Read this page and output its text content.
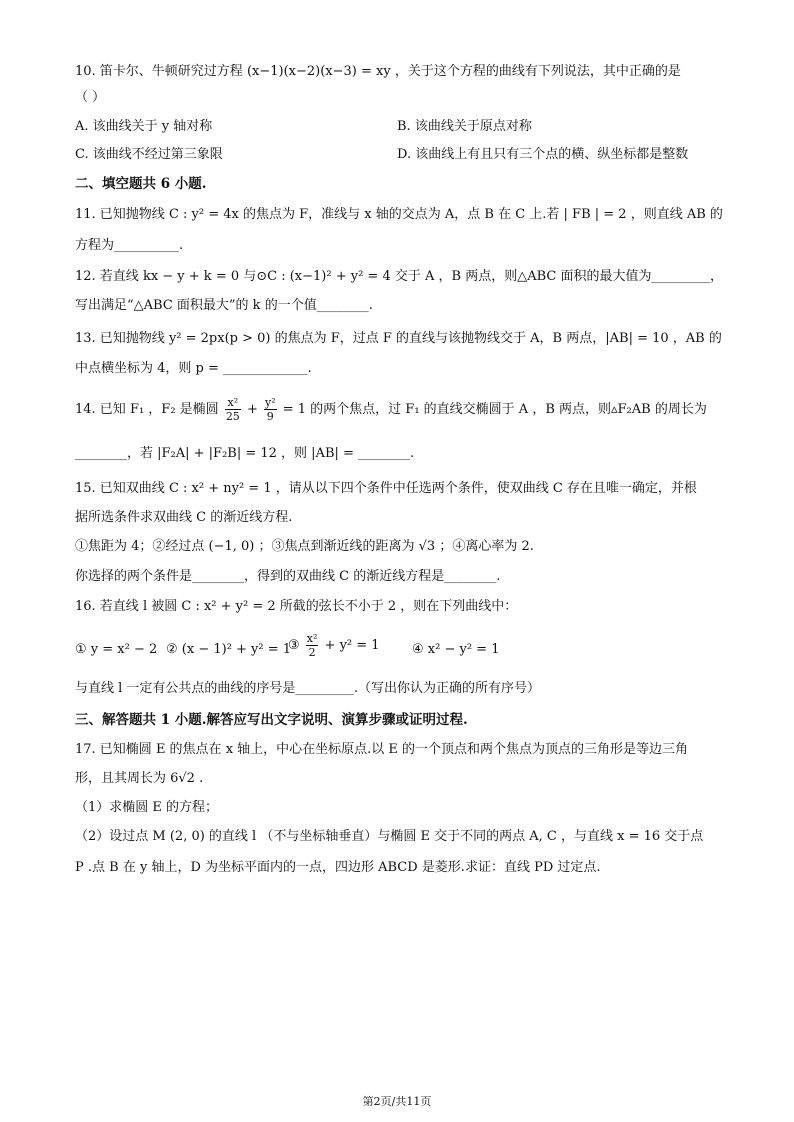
10. 笛卡尔、牛顿研究过方程 (x−1)(x−2)(x−3) = xy ，关于这个方程的曲线有下列说法，其中正确的是
（ ）
A. 该曲线关于 y 轴对称	B. 该曲线关于原点对称
C. 该曲线不经过第三象限	D. 该曲线上有且只有三个点的横、纵坐标都是整数
二、填空题共 6 小题.
11. 已知抛物线 C : y² = 4x 的焦点为 F，准线与 x 轴的交点为 A，点 B 在 C 上.若 | FB | = 2 ，则直线 AB 的
方程为__________.
12. 若直线 kx − y + k = 0 与⊙C : (x−1)² + y² = 4 交于 A ，B 两点，则△ABC 面积的最大值为_________，
写出满足“△ABC 面积最大”的 k 的一个值________.
13. 已知抛物线 y² = 2px(p > 0) 的焦点为 F，过点 F 的直线与该抛物线交于 A，B 两点，|AB| = 10 ，AB 的
中点横坐标为 4，则 p = _____________.
14. 已知 F₁ ，F₂ 是椭圆 $\frac{\text{x²}}{25} + \frac{\text{y²}}{9} = 1$ 的两个焦点，过 F₁ 的直线交椭圆于 A ，B 两点，则▵F₂AB 的周长为
________，若 |F₂A| + |F₂B| = 12 ，则 |AB| = ________.
15. 已知双曲线 C : x² + ny² = 1 ，请从以下四个条件中任选两个条件，使双曲线 C 存在且唯一确定，并根
据所选条件求双曲线 C 的渐近线方程.
①焦距为 4；②经过点 (−1, 0) ；③焦点到渐近线的距离为 √3 ；④离心率为 2.
你选择的两个条件是________，得到的双曲线 C 的渐近线方程是________.
16. 若直线 l 被圆 C : x² + y² = 2 所截的弦长不小于 2 ，则在下列曲线中：
① y = x² − 2 ② (x − 1)² + y² = 1
③ $\frac{\text{x²}}{2} + y^2 = 1$ ④ x² − y² = 1
与直线 l 一定有公共点的曲线的序号是_________.（写出你认为正确的所有序号）
三、解答题共 1 小题.解答应写出文字说明、演算步骤或证明过程.
17. 已知椭圆 E 的焦点在 x 轴上，中心在坐标原点.以 E 的一个顶点和两个焦点为顶点的三角形是等边三角
形，且其周长为 6√2 .
（1）求椭圆 E 的方程；
（2）设过点 M (2, 0) 的直线 l （不与坐标轴垂直）与椭圆 E 交于不同的两点 A, C ，与直线 x = 16 交于点
P .点 B 在 y 轴上，D 为坐标平面内的一点，四边形 ABCD 是菱形.求证：直线 PD 过定点.
第2页/共11页
